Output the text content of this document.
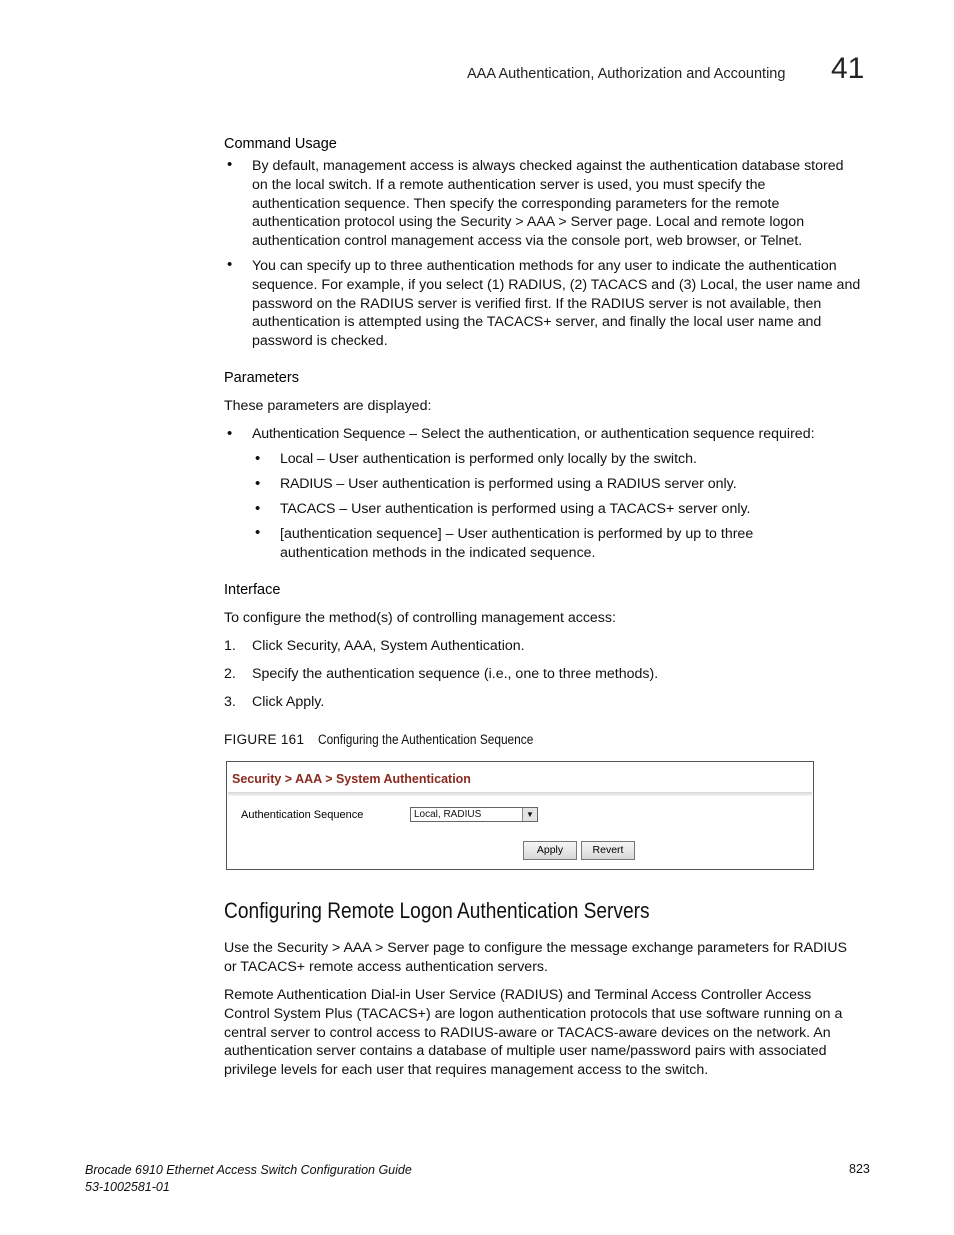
AAA Authentication, Authorization and Accounting 41
Command Usage
• By default, management access is always checked against the authentication database stored
on the local switch. If a remote authentication server is used, you must specify the
authentication sequence. Then specify the corresponding parameters for the remote
authentication protocol using the Security > AAA > Server page. Local and remote logon
authentication control management access via the console port, web browser, or Telnet.
• You can specify up to three authentication methods for any user to indicate the authentication
sequence. For example, if you select (1) RADIUS, (2) TACACS and (3) Local, the user name and
password on the RADIUS server is verified first. If the RADIUS server is not available, then
authentication is attempted using the TACACS+ server, and finally the local user name and
password is checked.
Parameters
These parameters are displayed:
• Authentication Sequence – Select the authentication, or authentication sequence required:
• Local – User authentication is performed only locally by the switch.
• RADIUS – User authentication is performed using a RADIUS server only.
• TACACS – User authentication is performed using a TACACS+ server only.
• [authentication sequence] – User authentication is performed by up to three
authentication methods in the indicated sequence.
Interface
To configure the method(s) of controlling management access:
1. Click Security, AAA, System Authentication.
2. Specify the authentication sequence (i.e., one to three methods).
3. Click Apply.
FIGURE 161 Configuring the Authentication Sequence
Security > AAA > System Authentication
Authentication Sequence	Local, RADIUS	▼
Apply	Revert
Configuring Remote Logon Authentication Servers
Use the Security > AAA > Server page to configure the message exchange parameters for RADIUS
or TACACS+ remote access authentication servers.
Remote Authentication Dial-in User Service (RADIUS) and Terminal Access Controller Access
Control System Plus (TACACS+) are logon authentication protocols that use software running on a
central server to control access to RADIUS-aware or TACACS-aware devices on the network. An
authentication server contains a database of multiple user name/password pairs with associated
privilege levels for each user that requires management access to the switch.
Brocade 6910 Ethernet Access Switch Configuration Guide
53-1002581-01
823
